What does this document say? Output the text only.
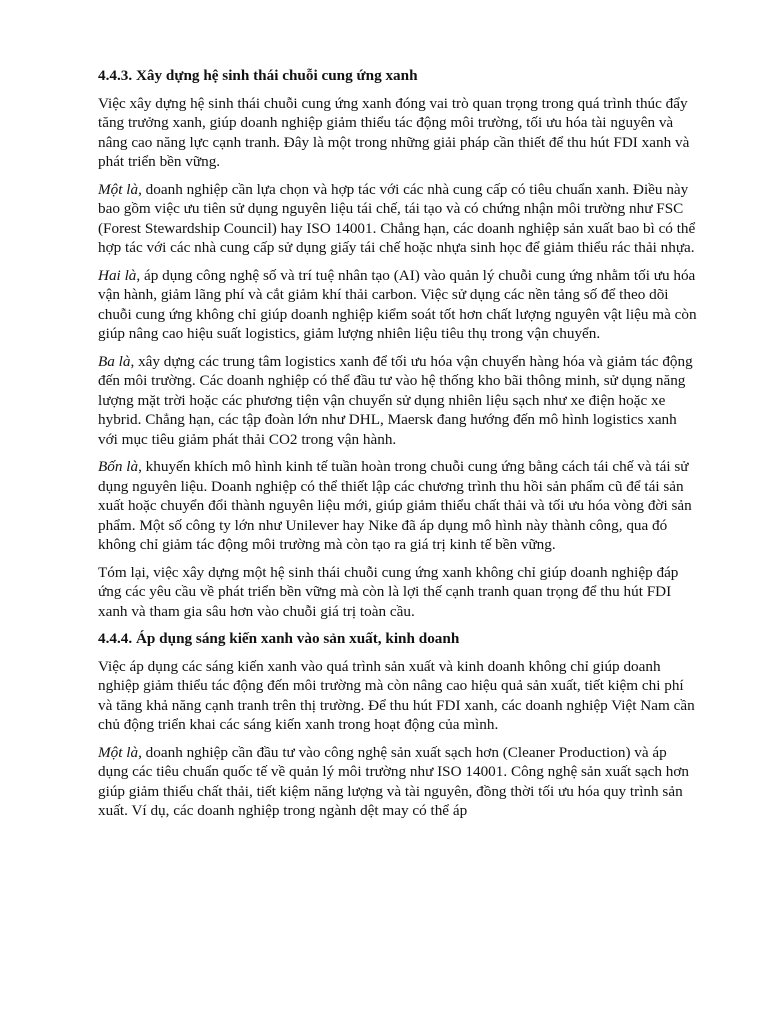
4.4.3. Xây dựng hệ sinh thái chuỗi cung ứng xanh

Việc xây dựng hệ sinh thái chuỗi cung ứng xanh đóng vai trò quan trọng trong quá trình thúc đẩy tăng trưởng xanh, giúp doanh nghiệp giảm thiểu tác động môi trường, tối ưu hóa tài nguyên và nâng cao năng lực cạnh tranh. Đây là một trong những giải pháp cần thiết để thu hút FDI xanh và phát triển bền vững.

Một là, doanh nghiệp cần lựa chọn và hợp tác với các nhà cung cấp có tiêu chuẩn xanh. Điều này bao gồm việc ưu tiên sử dụng nguyên liệu tái chế, tái tạo và có chứng nhận môi trường như FSC (Forest Stewardship Council) hay ISO 14001. Chẳng hạn, các doanh nghiệp sản xuất bao bì có thể hợp tác với các nhà cung cấp sử dụng giấy tái chế hoặc nhựa sinh học để giảm thiểu rác thải nhựa.

Hai là, áp dụng công nghệ số và trí tuệ nhân tạo (AI) vào quản lý chuỗi cung ứng nhằm tối ưu hóa vận hành, giảm lãng phí và cắt giảm khí thải carbon. Việc sử dụng các nền tảng số để theo dõi chuỗi cung ứng không chỉ giúp doanh nghiệp kiểm soát tốt hơn chất lượng nguyên vật liệu mà còn giúp nâng cao hiệu suất logistics, giảm lượng nhiên liệu tiêu thụ trong vận chuyển.

Ba là, xây dựng các trung tâm logistics xanh để tối ưu hóa vận chuyển hàng hóa và giảm tác động đến môi trường. Các doanh nghiệp có thể đầu tư vào hệ thống kho bãi thông minh, sử dụng năng lượng mặt trời hoặc các phương tiện vận chuyển sử dụng nhiên liệu sạch như xe điện hoặc xe hybrid. Chẳng hạn, các tập đoàn lớn như DHL, Maersk đang hướng đến mô hình logistics xanh với mục tiêu giảm phát thải CO2 trong vận hành.

Bốn là, khuyến khích mô hình kinh tế tuần hoàn trong chuỗi cung ứng bằng cách tái chế và tái sử dụng nguyên liệu. Doanh nghiệp có thể thiết lập các chương trình thu hồi sản phẩm cũ để tái sản xuất hoặc chuyển đổi thành nguyên liệu mới, giúp giảm thiểu chất thải và tối ưu hóa vòng đời sản phẩm. Một số công ty lớn như Unilever hay Nike đã áp dụng mô hình này thành công, qua đó không chỉ giảm tác động môi trường mà còn tạo ra giá trị kinh tế bền vững.

Tóm lại, việc xây dựng một hệ sinh thái chuỗi cung ứng xanh không chỉ giúp doanh nghiệp đáp ứng các yêu cầu về phát triển bền vững mà còn là lợi thế cạnh tranh quan trọng để thu hút FDI xanh và tham gia sâu hơn vào chuỗi giá trị toàn cầu.

4.4.4. Áp dụng sáng kiến xanh vào sản xuất, kinh doanh

Việc áp dụng các sáng kiến xanh vào quá trình sản xuất và kinh doanh không chỉ giúp doanh nghiệp giảm thiểu tác động đến môi trường mà còn nâng cao hiệu quả sản xuất, tiết kiệm chi phí và tăng khả năng cạnh tranh trên thị trường. Để thu hút FDI xanh, các doanh nghiệp Việt Nam cần chủ động triển khai các sáng kiến xanh trong hoạt động của mình.

Một là, doanh nghiệp cần đầu tư vào công nghệ sản xuất sạch hơn (Cleaner Production) và áp dụng các tiêu chuẩn quốc tế về quản lý môi trường như ISO 14001. Công nghệ sản xuất sạch hơn giúp giảm thiểu chất thải, tiết kiệm năng lượng và tài nguyên, đồng thời tối ưu hóa quy trình sản xuất. Ví dụ, các doanh nghiệp trong ngành dệt may có thể áp
